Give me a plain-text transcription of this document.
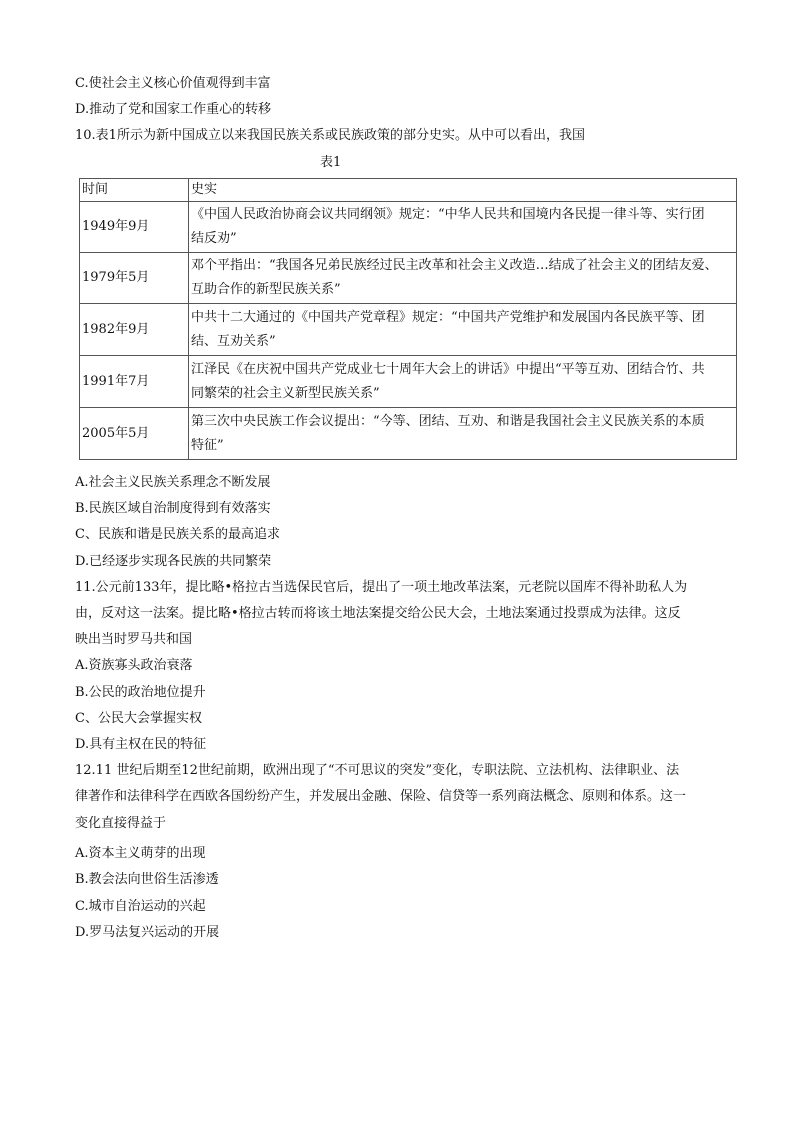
C.使社会主义核心价值观得到丰富
D.推动了党和国家工作重心的转移
10.表1所示为新中国成立以来我国民族关系或民族政策的部分史实。从中可以看出，我国
表1
时间	史实
1949年9月	《中国人民政治协商会议共同纲领》规定：“中华人民共和国境内各民提一律斗等、实行团
结反劝”
1979年5月	邓个平指出：“我国各兄弟民族经过民主改革和社会主义改造…结成了社会主义的团结友爱、
互助合作的新型民族关系”
1982年9月	中共十二大通过的《中国共产党章程》规定：“中国共产党维护和发展国内各民族平等、团
结、互劝关系”
1991年7月	江泽民《在庆祝中国共产党成业七十周年大会上的讲话》中提出“平等互劝、团结合竹、共
同繁荣的社会主义新型民族关系”
2005年5月	第三次中央民族工作会议提出：“今等、团结、互劝、和谐是我国社会主义民族关系的本质
特征”
A.社会主义民族关系理念不断发展
B.民族区域自治制度得到有效落实
C、民族和谐是民族关系的最高追求
D.已经逐步实现各民族的共同繁荣
11.公元前133年，提比略•格拉古当选保民官后，提出了一项土地改革法案，元老院以国库不得补助私人为
由，反对这一法案。提比略•格拉古转而将该土地法案提交给公民大会，土地法案通过投票成为法律。这反
映出当时罗马共和国
A.资族寡头政治衰落
B.公民的政治地位提升
C、公民大会掌握实权
D.具有主权在民的特征
12.11 世纪后期至12世纪前期，欧洲出现了“不可思议的突发”变化，专职法院、立法机构、法律职业、法
律著作和法律科学在西欧各国纷纷产生，并发展出金融、保险、信贷等一系列商法概念、原则和体系。这一
变化直接得益于
A.资本主义萌芽的出现
B.教会法向世俗生活渗透
C.城市自治运动的兴起
D.罗马法复兴运动的开展
